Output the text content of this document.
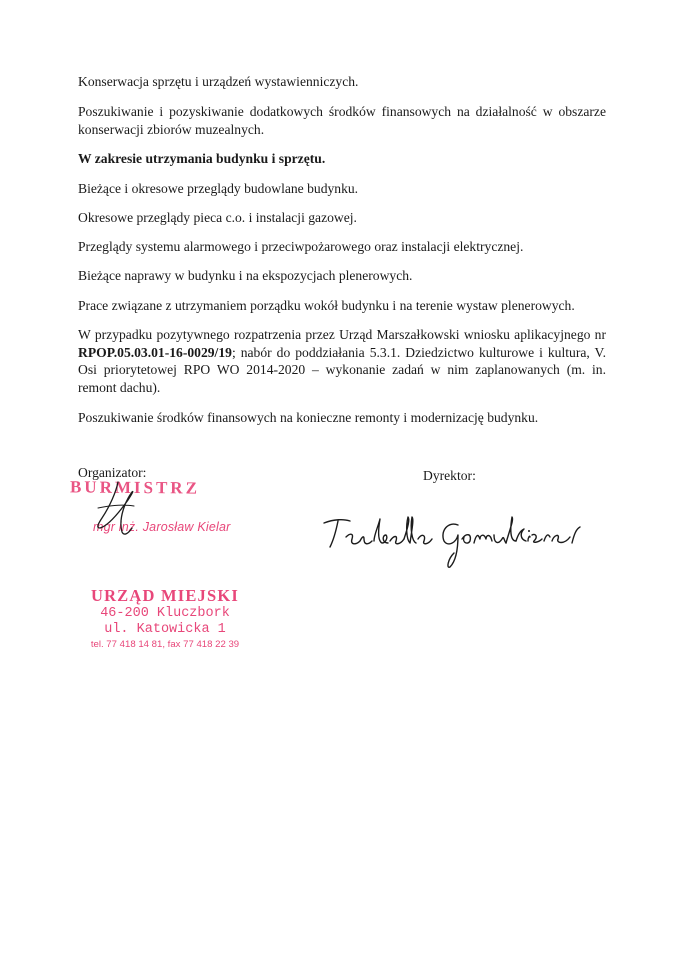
Konserwacja sprzętu i urządzeń wystawienniczych.

Poszukiwanie i pozyskiwanie dodatkowych środków finansowych na działalność w obszarze konserwacji zbiorów muzealnych.

W zakresie utrzymania budynku i sprzętu.

Bieżące i okresowe przeglądy budowlane budynku.

Okresowe przeglądy pieca c.o. i instalacji gazowej.

Przeglądy systemu alarmowego i przeciwpożarowego oraz instalacji elektrycznej.

Bieżące naprawy w budynku i na ekspozycjach plenerowych.

Prace związane z utrzymaniem porządku wokół budynku i na terenie wystaw plenerowych.

W przypadku pozytywnego rozpatrzenia przez Urząd Marszałkowski wniosku aplikacyjnego nr RPOP.05.03.01-16-0029/19; nabór do poddziałania 5.3.1. Dziedzictwo kulturowe i kultura, V. Osi priorytetowej RPO WO 2014-2020 – wykonanie zadań w nim zaplanowanych (m. in. remont dachu).

Poszukiwanie środków finansowych na konieczne remonty i modernizację budynku.

Organizator:	Dyrektor:
BURMISTRZ
mgr inż. Jarosław Kielar
URZĄD MIEJSKI
46-200 Kluczbork
ul. Katowicka 1
tel. 77 418 14 81, fax 77 418 22 39
